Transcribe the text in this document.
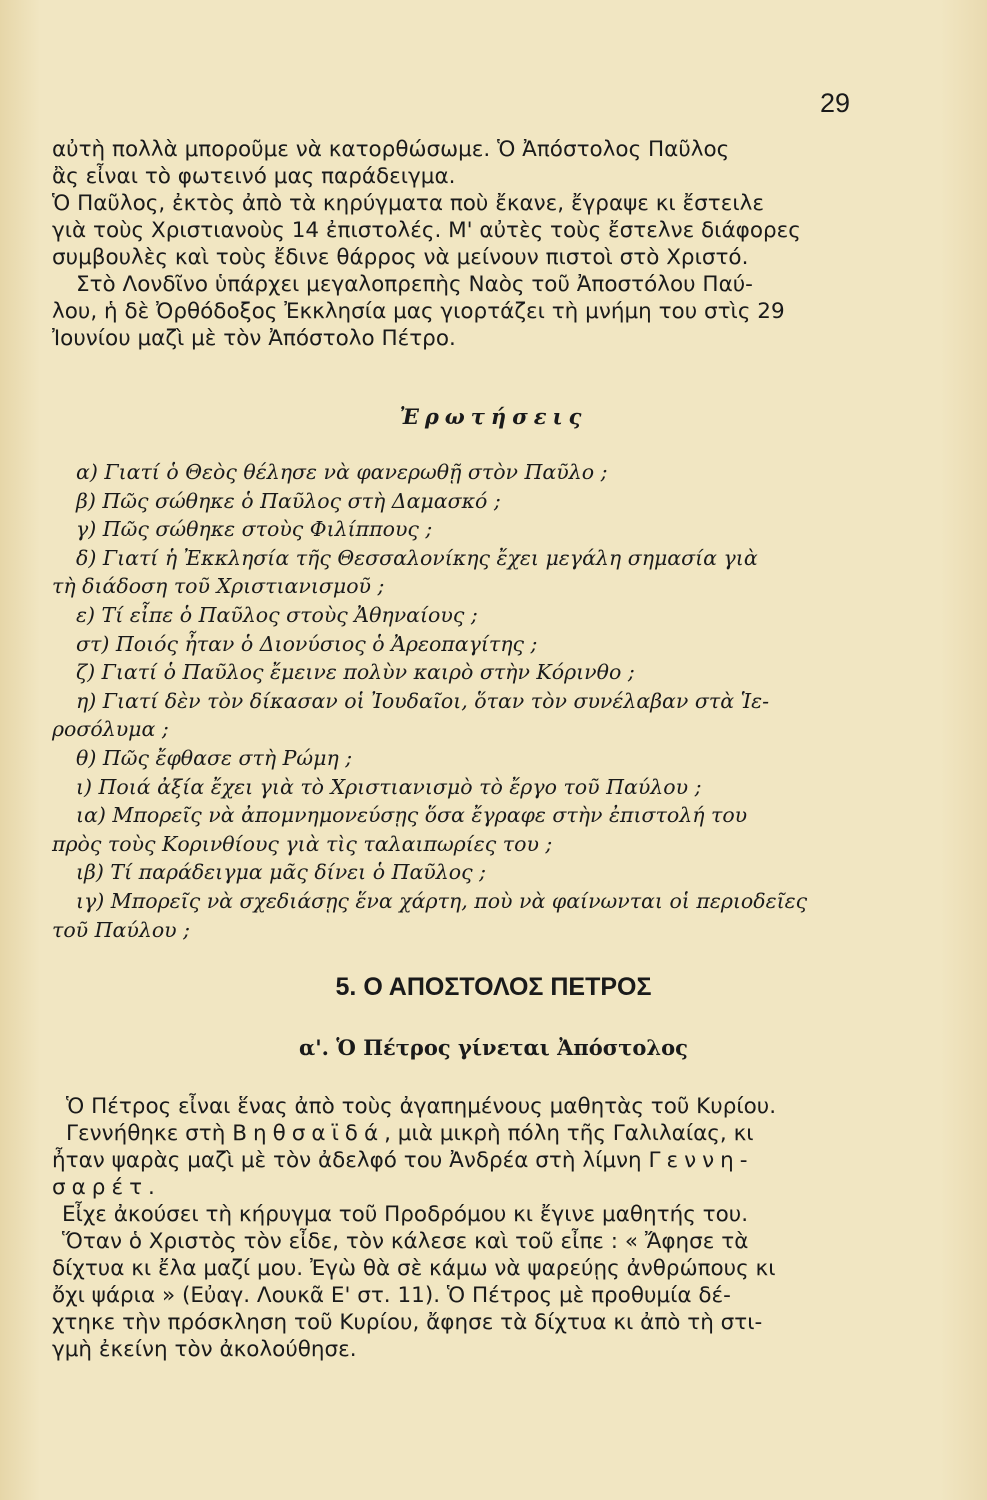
29

αὐτὴ πολλὰ μποροῦμε νὰ κατορθώσωμε. Ὁ Ἀπόστολος Παῦλος

ἂς εἶναι τὸ φωτεινό μας παράδειγμα.

Ὁ Παῦλος, ἐκτὸς ἀπὸ τὰ κηρύγματα ποὺ ἔκανε, ἔγραψε κι ἔστειλε

γιὰ τοὺς Χριστιανοὺς 14 ἐπιστολές. Μ' αὐτὲς τοὺς ἔστελνε διάφορες

συμβουλὲς καὶ τοὺς ἔδινε θάρρος νὰ μείνουν πιστοὶ στὸ Χριστό.

Στὸ Λονδῖνο ὑπάρχει μεγαλοπρεπὴς Ναὸς τοῦ Ἀποστόλου Παύ-

λου, ἡ δὲ Ὀρθόδοξος Ἐκκλησία μας γιορτάζει τὴ μνήμη του στὶς 29

Ἰουνίου μαζὶ μὲ τὸν Ἀπόστολο Πέτρο.

Ἐρωτήσεις

α) Γιατί ὁ Θεὸς θέλησε νὰ φανερωθῇ στὸν Παῦλο ;

β) Πῶς σώθηκε ὁ Παῦλος στὴ Δαμασκό ;

γ) Πῶς σώθηκε στοὺς Φιλίππους ;

δ) Γιατί ἡ Ἐκκλησία τῆς Θεσσαλονίκης ἔχει μεγάλη σημασία γιὰ

τὴ διάδοση τοῦ Χριστιανισμοῦ ;

ε) Τί εἶπε ὁ Παῦλος στοὺς Ἀθηναίους ;

στ) Ποιός ἦταν ὁ Διονύσιος ὁ Ἀρεοπαγίτης ;

ζ) Γιατί ὁ Παῦλος ἔμεινε πολὺν καιρὸ στὴν Κόρινθο ;

η) Γιατί δὲν τὸν δίκασαν οἱ Ἰουδαῖοι, ὅταν τὸν συνέλαβαν στὰ Ἱε-

ροσόλυμα ;

θ) Πῶς ἔφθασε στὴ Ρώμη ;

ι) Ποιά ἀξία ἔχει γιὰ τὸ Χριστιανισμὸ τὸ ἔργο τοῦ Παύλου ;

ια) Μπορεῖς νὰ ἀπομνημονεύσῃς ὅσα ἔγραφε στὴν ἐπιστολή του

πρὸς τοὺς Κορινθίους γιὰ τὶς ταλαιπωρίες του ;

ιβ) Τί παράδειγμα μᾶς δίνει ὁ Παῦλος ;

ιγ) Μπορεῖς νὰ σχεδιάσῃς ἕνα χάρτη, ποὺ νὰ φαίνωνται οἱ περιοδεῖες

τοῦ Παύλου ;

5. Ο ΑΠΟΣΤΟΛΟΣ ΠΕΤΡΟΣ
α'. Ὁ Πέτρος γίνεται Ἀπόστολος

Ὁ Πέτρος εἶναι ἕνας ἀπὸ τοὺς ἀγαπημένους μαθητὰς τοῦ Κυρίου.

Γεννήθηκε στὴ Βηθσαϊδά, μιὰ μικρὴ πόλη τῆς Γαλιλαίας, κι

ἦταν ψαρὰς μαζὶ μὲ τὸν ἀδελφό του Ἀνδρέα στὴ λίμνη Γεννη-

σαρέτ.

Εἶχε ἀκούσει τὴ κήρυγμα τοῦ Προδρόμου κι ἔγινε μαθητής του.

Ὅταν ὁ Χριστὸς τὸν εἶδε, τὸν κάλεσε καὶ τοῦ εἶπε : « Ἄφησε τὰ

δίχτυα κι ἔλα μαζί μου. Ἐγὼ θὰ σὲ κάμω νὰ ψαρεύῃς ἀνθρώπους κι

ὄχι ψάρια » (Εὐαγ. Λουκᾶ Ε' στ. 11). Ὁ Πέτρος μὲ προθυμία δέ-

χτηκε τὴν πρόσκληση τοῦ Κυρίου, ἄφησε τὰ δίχτυα κι ἀπὸ τὴ στι-

γμὴ ἐκείνη τὸν ἀκολούθησε.
